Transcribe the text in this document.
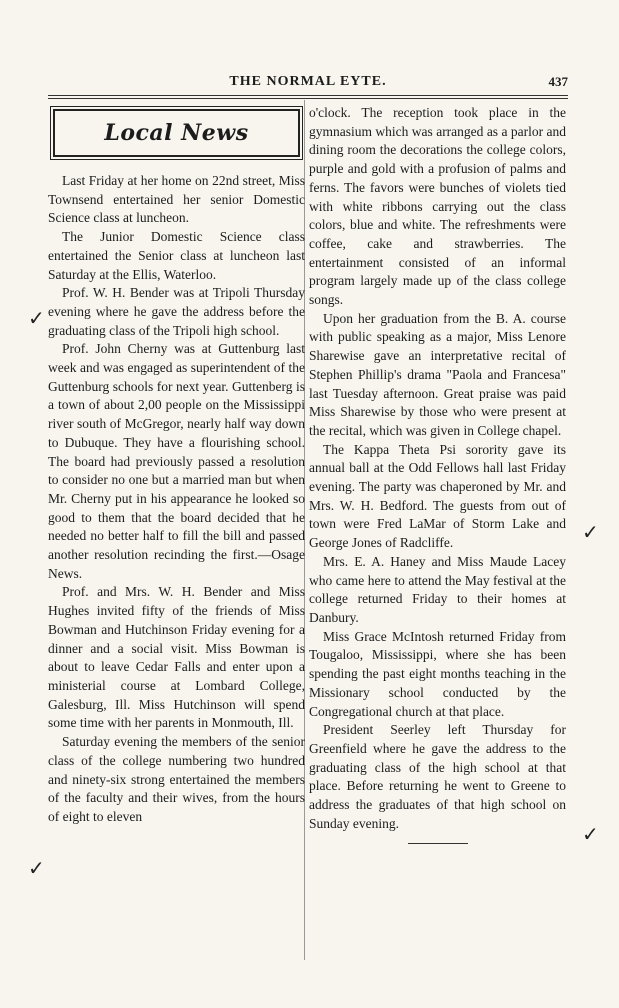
THE NORMAL EYTE.	437
Local News

Last Friday at her home on 22nd street, Miss Townsend entertained her senior Domestic Science class at luncheon.

The Junior Domestic Science class entertained the Senior class at luncheon last Saturday at the Ellis, Waterloo.

Prof. W. H. Bender was at Tripoli Thursday evening where he gave the address before the graduating class of the Tripoli high school.

Prof. John Cherny was at Guttenburg last week and was engaged as superintendent of the Guttenburg schools for next year. Guttenberg is a town of about 2,00 people on the Mississippi river south of McGregor, nearly half way down to Dubuque. They have a flourishing school. The board had previously passed a resolution to consider no one but a married man but when Mr. Cherny put in his appearance he looked so good to them that the board decided that he needed no better half to fill the bill and passed another resolution recinding the first.—Osage News.

Prof. and Mrs. W. H. Bender and Miss Hughes invited fifty of the friends of Miss Bowman and Hutchinson Friday evening for a dinner and a social visit. Miss Bowman is about to leave Cedar Falls and enter upon a ministerial course at Lombard College, Galesburg, Ill. Miss Hutchinson will spend some time with her parents in Monmouth, Ill.

Saturday evening the members of the senior class of the college numbering two hundred and ninety-six strong entertained the members of the faculty and their wives, from the hours of eight to eleven

o'clock. The reception took place in the gymnasium which was arranged as a parlor and dining room the decorations the college colors, purple and gold with a profusion of palms and ferns. The favors were bunches of violets tied with white ribbons carrying out the class colors, blue and white. The refreshments were coffee, cake and strawberries. The entertainment consisted of an informal program largely made up of the class college songs.

Upon her graduation from the B. A. course with public speaking as a major, Miss Lenore Sharewise gave an interpretative recital of Stephen Phillip's drama "Paola and Francesa" last Tuesday afternoon. Great praise was paid Miss Sharewise by those who were present at the recital, which was given in College chapel.

The Kappa Theta Psi sorority gave its annual ball at the Odd Fellows hall last Friday evening. The party was chaperoned by Mr. and Mrs. W. H. Bedford. The guests from out of town were Fred LaMar of Storm Lake and George Jones of Radcliffe.

Mrs. E. A. Haney and Miss Maude Lacey who came here to attend the May festival at the college returned Friday to their homes at Danbury.

Miss Grace McIntosh returned Friday from Tougaloo, Mississippi, where she has been spending the past eight months teaching in the Missionary school conducted by the Congregational church at that place.

President Seerley left Thursday for Greenfield where he gave the address to the graduating class of the high school at that place. Before returning he went to Greene to address the graduates of that high school on Sunday evening.

✓
✓
✓
✓
